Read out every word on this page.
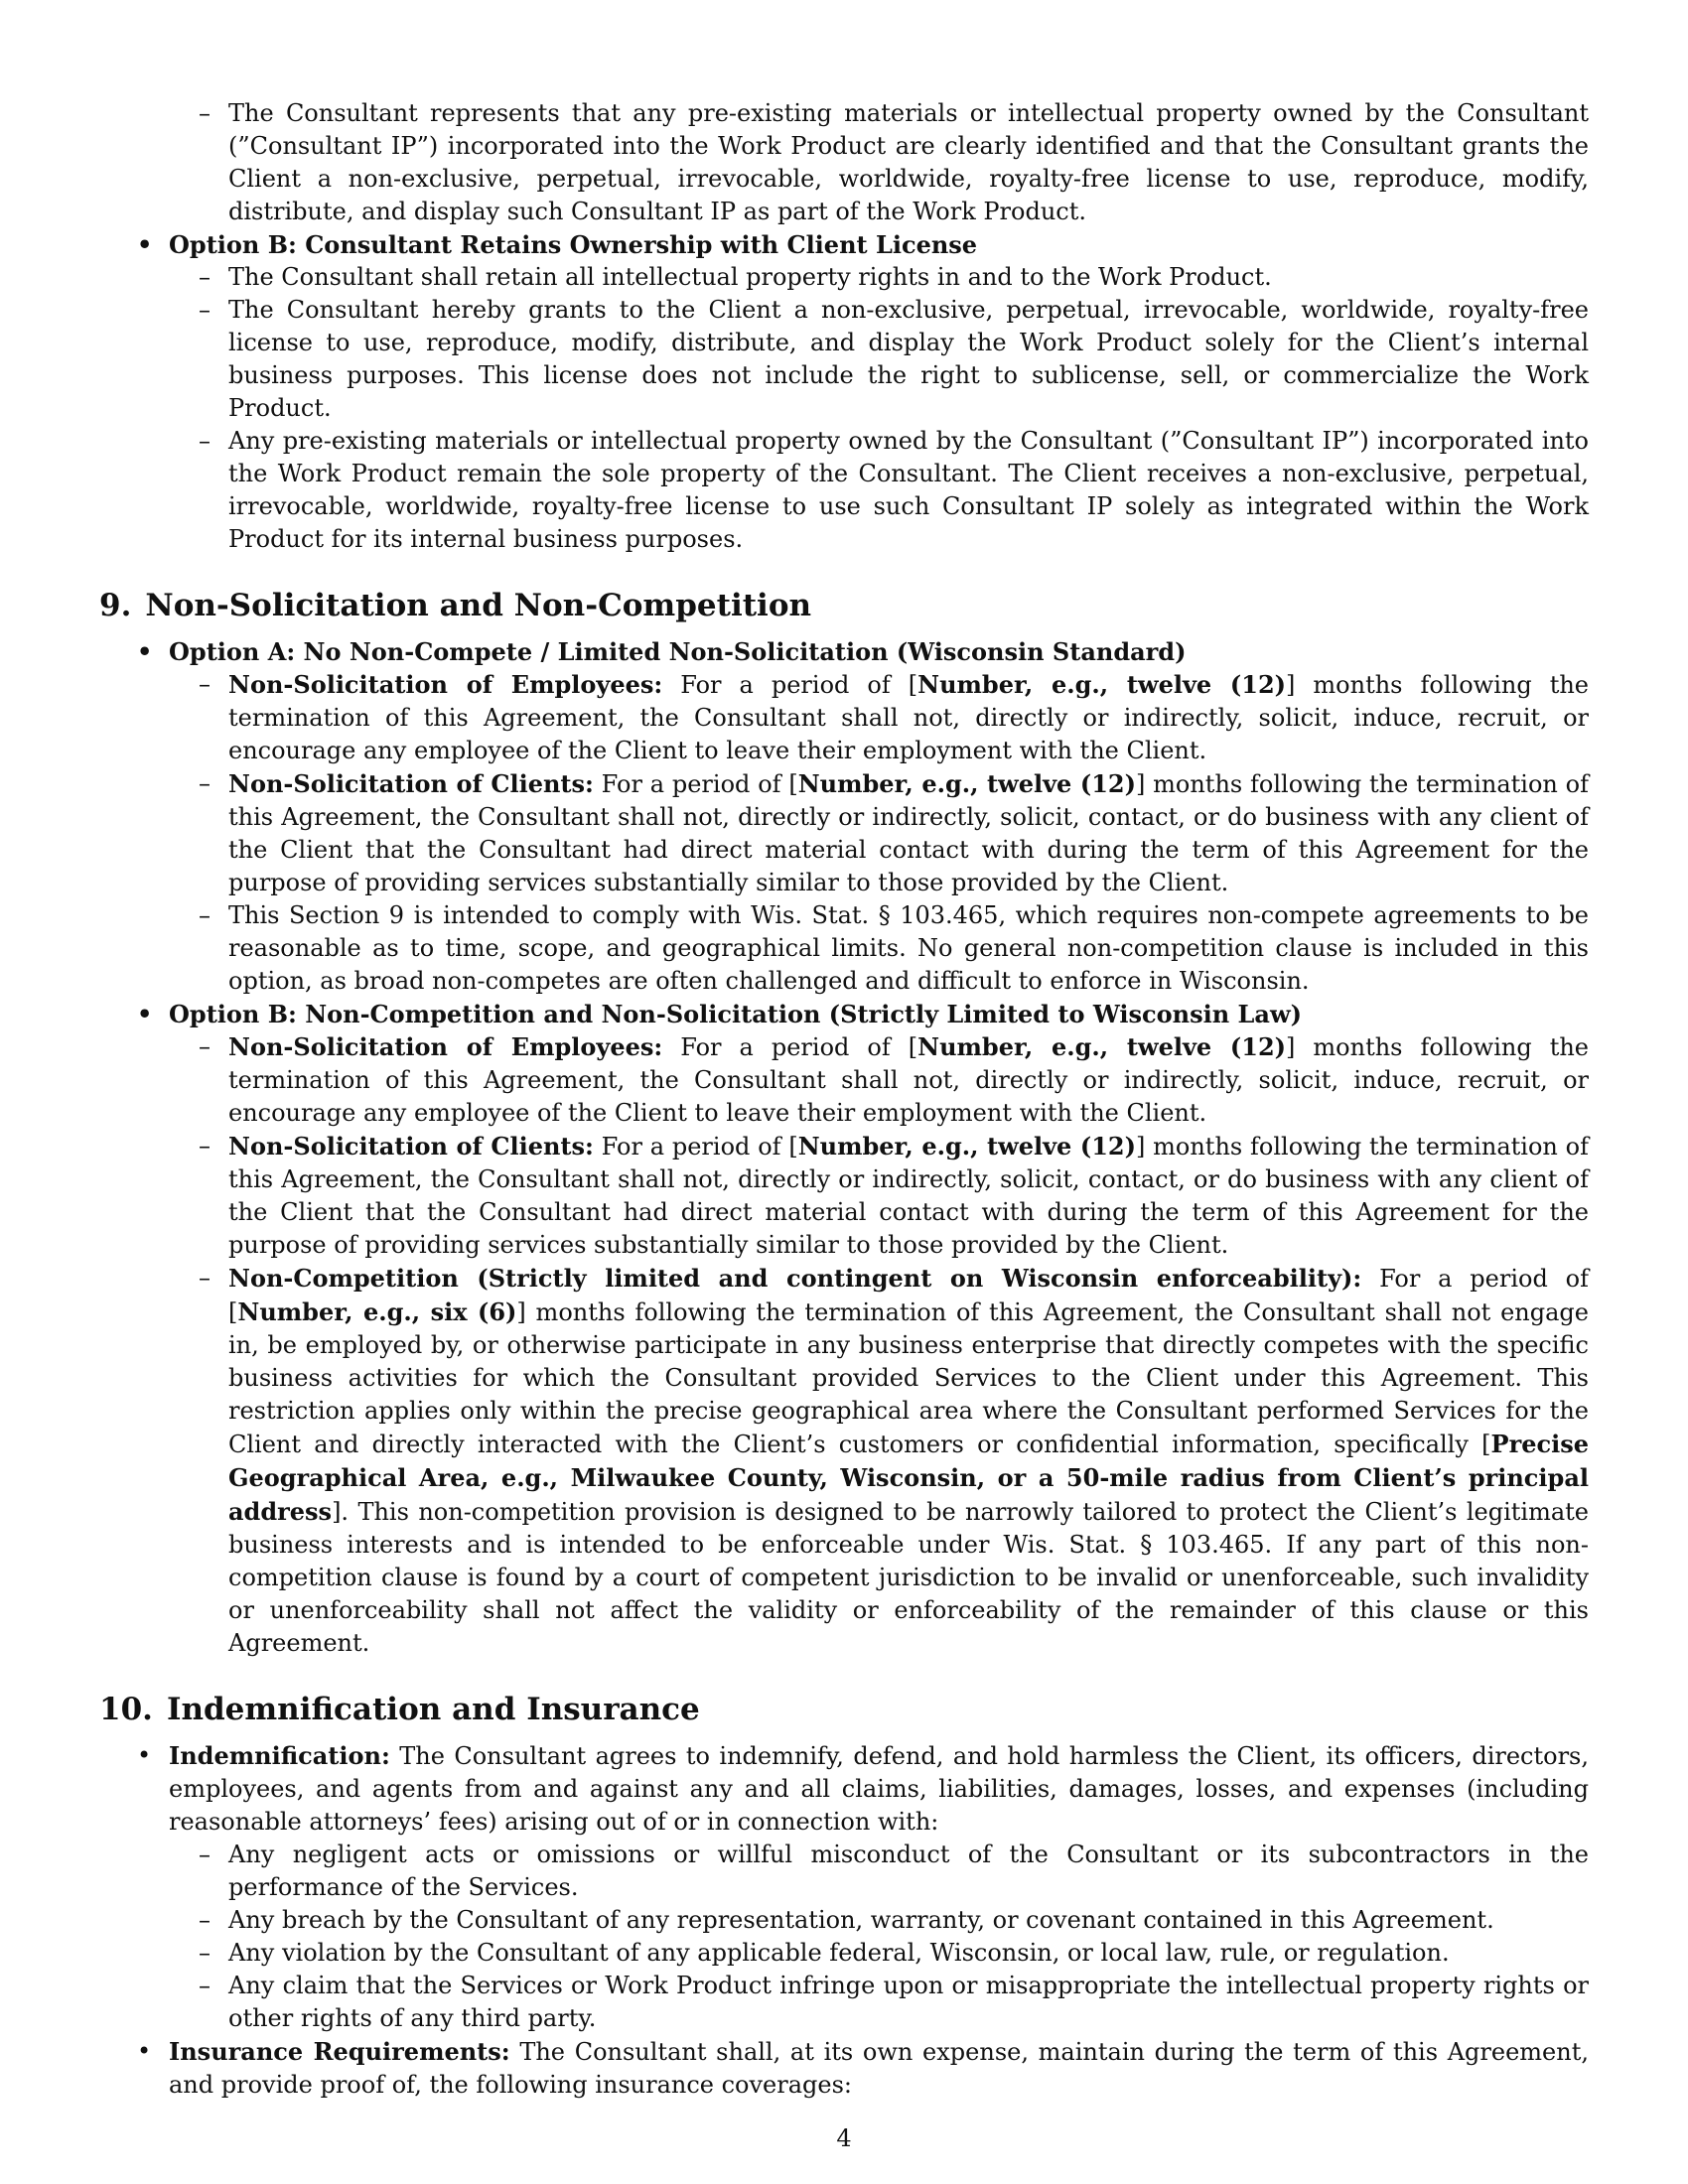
– The Consultant represents that any pre-existing materials or intellectual property owned by the Consultant (”Consultant IP”) incorporated into the Work Product are clearly identified and that the Consultant grants the Client a non-exclusive, perpetual, irrevocable, worldwide, royalty-free license to use, reproduce, modify, distribute, and display such Consultant IP as part of the Work Product.
• Option B: Consultant Retains Ownership with Client License
– The Consultant shall retain all intellectual property rights in and to the Work Product.
– The Consultant hereby grants to the Client a non-exclusive, perpetual, irrevocable, worldwide, royalty-free license to use, reproduce, modify, distribute, and display the Work Product solely for the Client’s internal business purposes. This license does not include the right to sublicense, sell, or commercialize the Work Product.
– Any pre-existing materials or intellectual property owned by the Consultant (”Consultant IP”) incorporated into the Work Product remain the sole property of the Consultant. The Client receives a non-exclusive, perpetual, irrevocable, worldwide, royalty-free license to use such Consultant IP solely as integrated within the Work Product for its internal business purposes.
9. Non-Solicitation and Non-Competition
• Option A: No Non-Compete / Limited Non-Solicitation (Wisconsin Standard)
– Non-Solicitation of Employees: For a period of [Number, e.g., twelve (12)] months following the termination of this Agreement, the Consultant shall not, directly or indirectly, solicit, induce, recruit, or encourage any employee of the Client to leave their employment with the Client.
– Non-Solicitation of Clients: For a period of [Number, e.g., twelve (12)] months following the termination of this Agreement, the Consultant shall not, directly or indirectly, solicit, contact, or do business with any client of the Client that the Consultant had direct material contact with during the term of this Agreement for the purpose of providing services substantially similar to those provided by the Client.
– This Section 9 is intended to comply with Wis. Stat. § 103.465, which requires non-compete agreements to be reasonable as to time, scope, and geographical limits. No general non-competition clause is included in this option, as broad non-competes are often challenged and difficult to enforce in Wisconsin.
• Option B: Non-Competition and Non-Solicitation (Strictly Limited to Wisconsin Law)
– Non-Solicitation of Employees: For a period of [Number, e.g., twelve (12)] months following the termination of this Agreement, the Consultant shall not, directly or indirectly, solicit, induce, recruit, or encourage any employee of the Client to leave their employment with the Client.
– Non-Solicitation of Clients: For a period of [Number, e.g., twelve (12)] months following the termination of this Agreement, the Consultant shall not, directly or indirectly, solicit, contact, or do business with any client of the Client that the Consultant had direct material contact with during the term of this Agreement for the purpose of providing services substantially similar to those provided by the Client.
– Non-Competition (Strictly limited and contingent on Wisconsin enforceability): For a period of [Number, e.g., six (6)] months following the termination of this Agreement, the Consultant shall not engage in, be employed by, or otherwise participate in any business enterprise that directly competes with the specific business activities for which the Consultant provided Services to the Client under this Agreement. This restriction applies only within the precise geographical area where the Consultant performed Services for the Client and directly interacted with the Client’s customers or confidential information, specifically [Precise Geographical Area, e.g., Milwaukee County, Wisconsin, or a 50-mile radius from Client’s principal address]. This non-competition provision is designed to be narrowly tailored to protect the Client’s legitimate business interests and is intended to be enforceable under Wis. Stat. § 103.465. If any part of this non-competition clause is found by a court of competent jurisdiction to be invalid or unenforceable, such invalidity or unenforceability shall not affect the validity or enforceability of the remainder of this clause or this Agreement.
10. Indemnification and Insurance
• Indemnification: The Consultant agrees to indemnify, defend, and hold harmless the Client, its officers, directors, employees, and agents from and against any and all claims, liabilities, damages, losses, and expenses (including reasonable attorneys’ fees) arising out of or in connection with:
– Any negligent acts or omissions or willful misconduct of the Consultant or its subcontractors in the performance of the Services.
– Any breach by the Consultant of any representation, warranty, or covenant contained in this Agreement.
– Any violation by the Consultant of any applicable federal, Wisconsin, or local law, rule, or regulation.
– Any claim that the Services or Work Product infringe upon or misappropriate the intellectual property rights or other rights of any third party.
• Insurance Requirements: The Consultant shall, at its own expense, maintain during the term of this Agreement, and provide proof of, the following insurance coverages:
4
